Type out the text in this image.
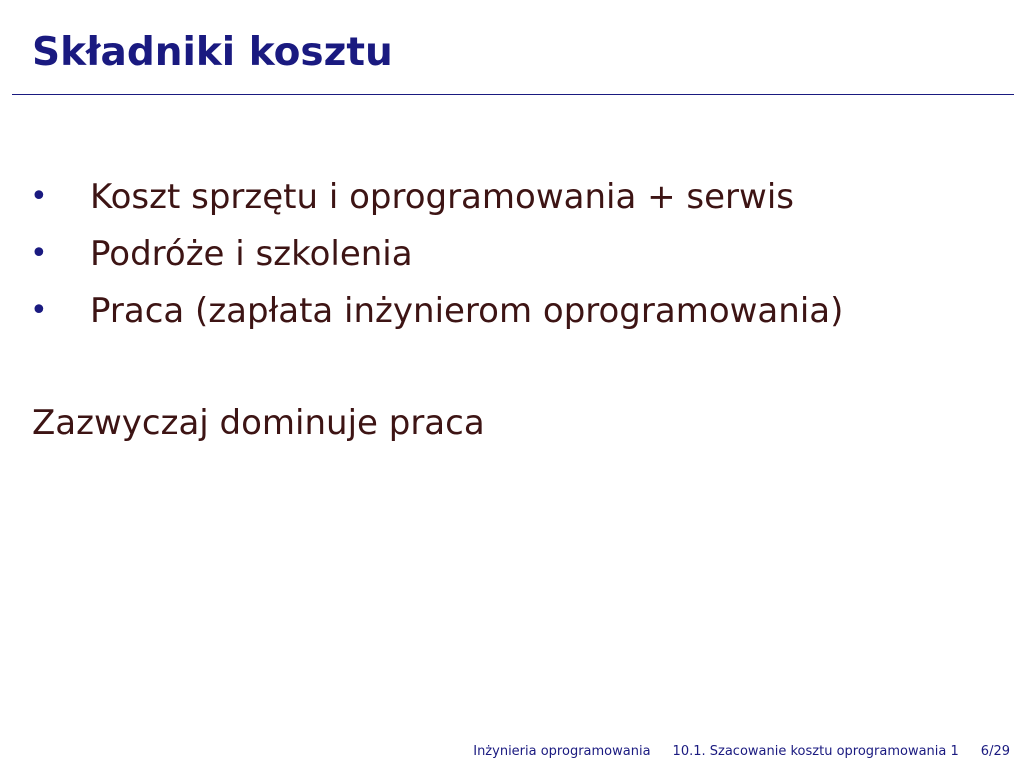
Składniki kosztu
•	Koszt sprzętu i oprogramowania + serwis
•	Podróże i szkolenia
•	Praca (zapłata inżynierom oprogramowania)

Zazwyczaj dominuje praca

Inżynieria oprogramowania 10.1. Szacowanie kosztu oprogramowania 1 6/29
